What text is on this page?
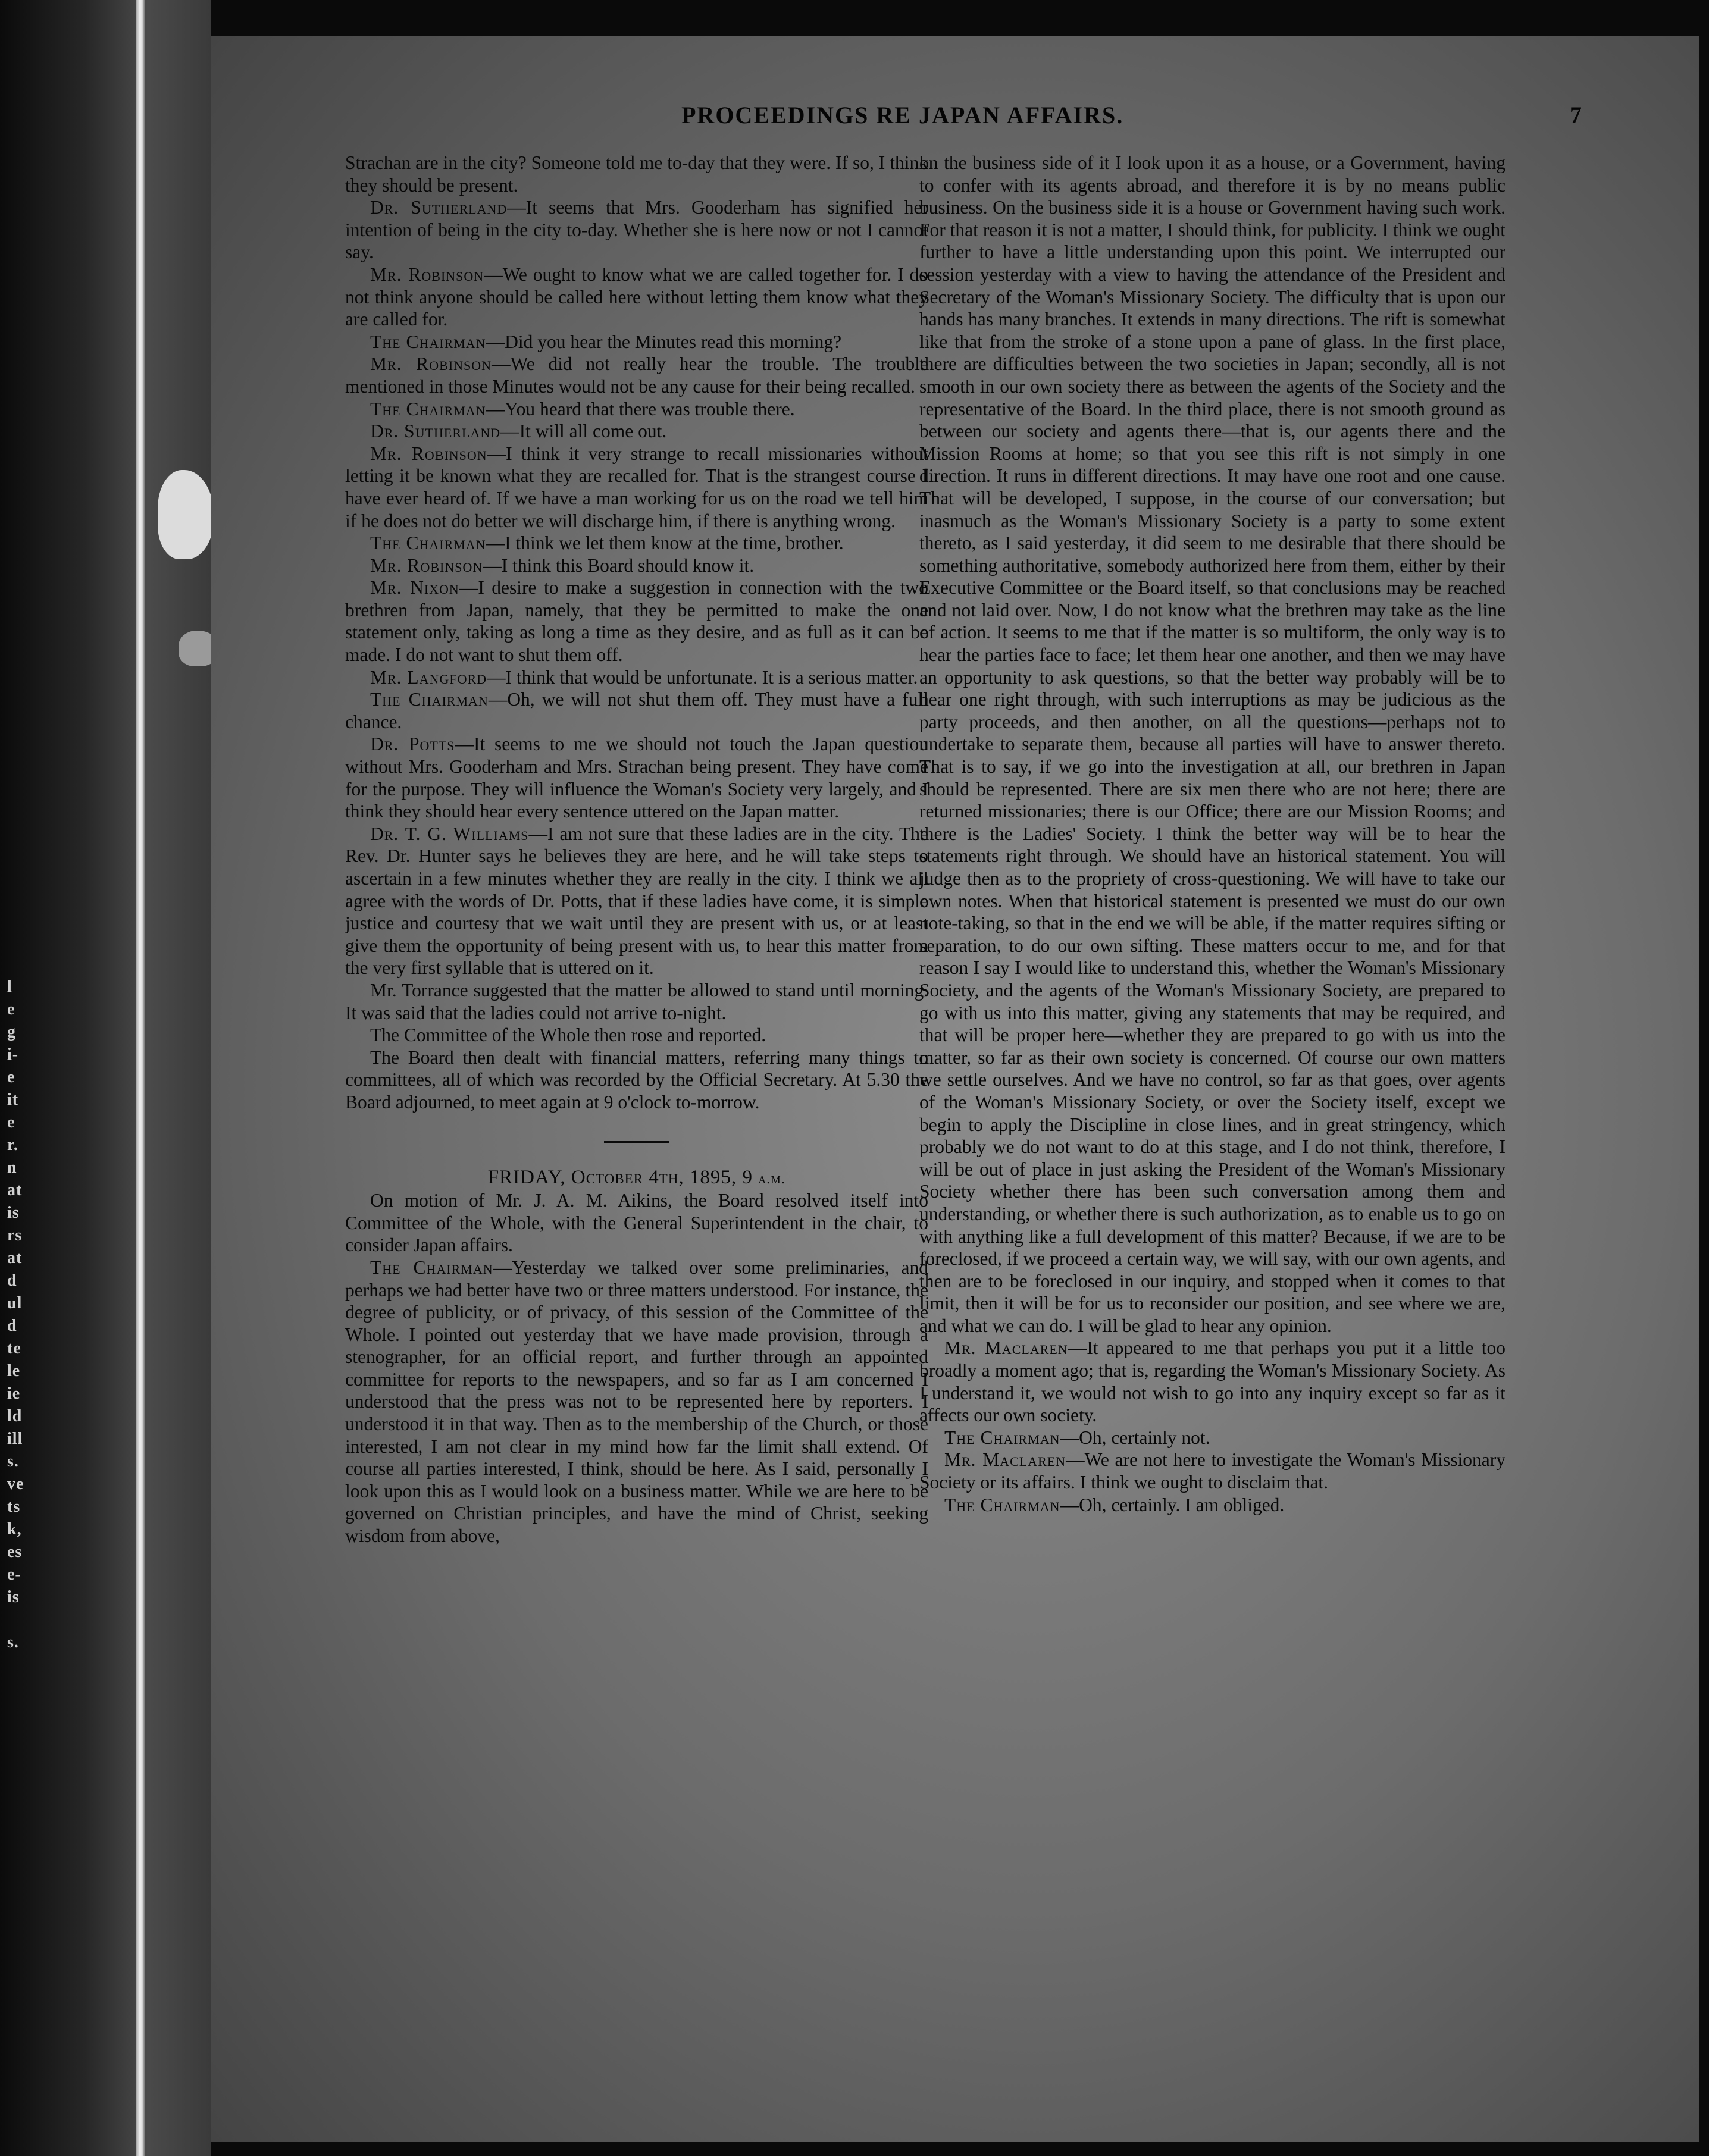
l
e
g
i-
e
it
e
r.
n
at
is
rs
at
d
ul
d
te
le
ie
ld
ill
s.
ve
ts
k,
es
e-
is
s.
PROCEEDINGS RE JAPAN AFFAIRS.	7

Strachan are in the city? Someone told me to-day that they were. If so, I think they should be present.

Dr. Sutherland—It seems that Mrs. Gooderham has signified her intention of being in the city to-day. Whether she is here now or not I cannot say.

Mr. Robinson—We ought to know what we are called together for. I do not think anyone should be called here without letting them know what they are called for.

The Chairman—Did you hear the Minutes read this morning?

Mr. Robinson—We did not really hear the trouble. The trouble mentioned in those Minutes would not be any cause for their being recalled.

The Chairman—You heard that there was trouble there.

Dr. Sutherland—It will all come out.

Mr. Robinson—I think it very strange to recall missionaries without letting it be known what they are recalled for. That is the strangest course I have ever heard of. If we have a man working for us on the road we tell him if he does not do better we will discharge him, if there is anything wrong.

The Chairman—I think we let them know at the time, brother.

Mr. Robinson—I think this Board should know it.

Mr. Nixon—I desire to make a suggestion in connection with the two brethren from Japan, namely, that they be permitted to make the one statement only, taking as long a time as they desire, and as full as it can be made. I do not want to shut them off.

Mr. Langford—I think that would be unfortunate. It is a serious matter.

The Chairman—Oh, we will not shut them off. They must have a full chance.

Dr. Potts—It seems to me we should not touch the Japan question without Mrs. Gooderham and Mrs. Strachan being present. They have come for the purpose. They will influence the Woman's Society very largely, and I think they should hear every sentence uttered on the Japan matter.

Dr. T. G. Williams—I am not sure that these ladies are in the city. The Rev. Dr. Hunter says he believes they are here, and he will take steps to ascertain in a few minutes whether they are really in the city. I think we all agree with the words of Dr. Potts, that if these ladies have come, it is simple justice and courtesy that we wait until they are present with us, or at least give them the opportunity of being present with us, to hear this matter from the very first syllable that is uttered on it.

Mr. Torrance suggested that the matter be allowed to stand until morning. It was said that the ladies could not arrive to-night.

The Committee of the Whole then rose and reported.

The Board then dealt with financial matters, referring many things to committees, all of which was recorded by the Official Secretary. At 5.30 the Board adjourned, to meet again at 9 o'clock to-morrow.

FRIDAY, October 4th, 1895, 9 a.m.

On motion of Mr. J. A. M. Aikins, the Board resolved itself into Committee of the Whole, with the General Superintendent in the chair, to consider Japan affairs.

The Chairman—Yesterday we talked over some preliminaries, and perhaps we had better have two or three matters understood. For instance, the degree of publicity, or of privacy, of this session of the Committee of the Whole. I pointed out yesterday that we have made provision, through a stenographer, for an official report, and further through an appointed committee for reports to the newspapers, and so far as I am concerned I understood that the press was not to be represented here by reporters. I understood it in that way. Then as to the membership of the Church, or those interested, I am not clear in my mind how far the limit shall extend. Of course all parties interested, I think, should be here. As I said, personally I look upon this as I would look on a business matter. While we are here to be governed on Christian principles, and have the mind of Christ, seeking wisdom from above,

on the business side of it I look upon it as a house, or a Government, having to confer with its agents abroad, and therefore it is by no means public business. On the business side it is a house or Government having such work. For that reason it is not a matter, I should think, for publicity. I think we ought further to have a little understanding upon this point. We interrupted our session yesterday with a view to having the attendance of the President and Secretary of the Woman's Missionary Society. The difficulty that is upon our hands has many branches. It extends in many directions. The rift is somewhat like that from the stroke of a stone upon a pane of glass. In the first place, there are difficulties between the two societies in Japan; secondly, all is not smooth in our own society there as between the agents of the Society and the representative of the Board. In the third place, there is not smooth ground as between our society and agents there—that is, our agents there and the Mission Rooms at home; so that you see this rift is not simply in one direction. It runs in different directions. It may have one root and one cause. That will be developed, I suppose, in the course of our conversation; but inasmuch as the Woman's Missionary Society is a party to some extent thereto, as I said yesterday, it did seem to me desirable that there should be something authoritative, somebody authorized here from them, either by their Executive Committee or the Board itself, so that conclusions may be reached and not laid over. Now, I do not know what the brethren may take as the line of action. It seems to me that if the matter is so multiform, the only way is to hear the parties face to face; let them hear one another, and then we may have an opportunity to ask questions, so that the better way probably will be to hear one right through, with such interruptions as may be judicious as the party proceeds, and then another, on all the questions—perhaps not to undertake to separate them, because all parties will have to answer thereto. That is to say, if we go into the investigation at all, our brethren in Japan should be represented. There are six men there who are not here; there are returned missionaries; there is our Office; there are our Mission Rooms; and there is the Ladies' Society. I think the better way will be to hear the statements right through. We should have an historical statement. You will judge then as to the propriety of cross-questioning. We will have to take our own notes. When that historical statement is presented we must do our own note-taking, so that in the end we will be able, if the matter requires sifting or separation, to do our own sifting. These matters occur to me, and for that reason I say I would like to understand this, whether the Woman's Missionary Society, and the agents of the Woman's Missionary Society, are prepared to go with us into this matter, giving any statements that may be required, and that will be proper here—whether they are prepared to go with us into the matter, so far as their own society is concerned. Of course our own matters we settle ourselves. And we have no control, so far as that goes, over agents of the Woman's Missionary Society, or over the Society itself, except we begin to apply the Discipline in close lines, and in great stringency, which probably we do not want to do at this stage, and I do not think, therefore, I will be out of place in just asking the President of the Woman's Missionary Society whether there has been such conversation among them and understanding, or whether there is such authorization, as to enable us to go on with anything like a full development of this matter? Because, if we are to be foreclosed, if we proceed a certain way, we will say, with our own agents, and then are to be foreclosed in our inquiry, and stopped when it comes to that limit, then it will be for us to reconsider our position, and see where we are, and what we can do. I will be glad to hear any opinion.

Mr. Maclaren—It appeared to me that perhaps you put it a little too broadly a moment ago; that is, regarding the Woman's Missionary Society. As I understand it, we would not wish to go into any inquiry except so far as it affects our own society.

The Chairman—Oh, certainly not.

Mr. Maclaren—We are not here to investigate the Woman's Missionary Society or its affairs. I think we ought to disclaim that.

The Chairman—Oh, certainly. I am obliged.
